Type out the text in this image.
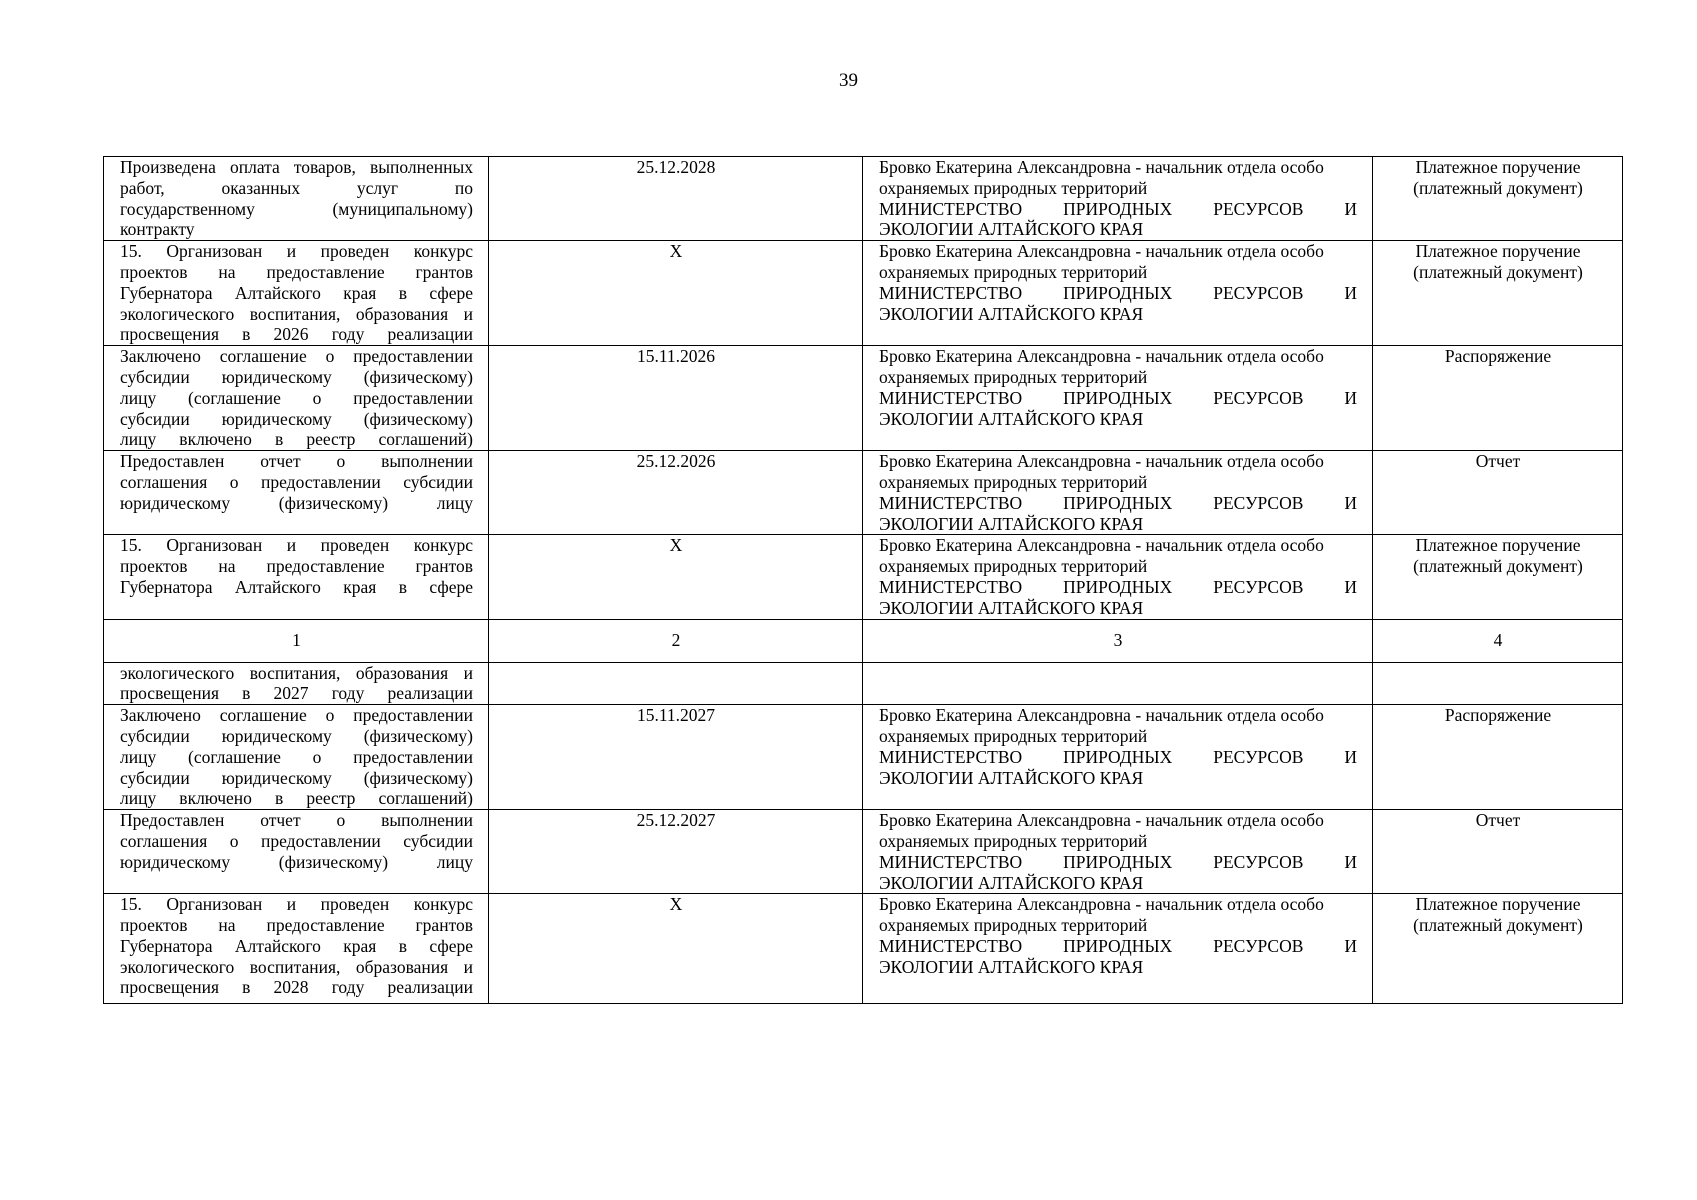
39
Произведена оплата товаров, выполненных
работ, оказанных услуг по
государственному (муниципальному)
контракту	25.12.2028	Бровко Екатерина Александровна - начальник отдела особо охраняемых природных территорий
МИНИСТЕРСТВО ПРИРОДНЫХ РЕСУРСОВ И
ЭКОЛОГИИ АЛТАЙСКОГО КРАЯ	Платежное поручение (платежный документ)

15. Организован и проведен конкурс
проектов на предоставление грантов
Губернатора Алтайского края в сфере
экологического воспитания, образования и
просвещения в 2026 году реализации	X	Бровко Екатерина Александровна - начальник отдела особо охраняемых природных территорий
МИНИСТЕРСТВО ПРИРОДНЫХ РЕСУРСОВ И
ЭКОЛОГИИ АЛТАЙСКОГО КРАЯ	Платежное поручение (платежный документ)

Заключено соглашение о предоставлении
субсидии юридическому (физическому)
лицу (соглашение о предоставлении
субсидии юридическому (физическому)
лицу включено в реестр соглашений)	15.11.2026	Бровко Екатерина Александровна - начальник отдела особо охраняемых природных территорий
МИНИСТЕРСТВО ПРИРОДНЫХ РЕСУРСОВ И
ЭКОЛОГИИ АЛТАЙСКОГО КРАЯ	Распоряжение

Предоставлен отчет о выполнении
соглашения о предоставлении субсидии
юридическому (физическому) лицу	25.12.2026	Бровко Екатерина Александровна - начальник отдела особо охраняемых природных территорий
МИНИСТЕРСТВО ПРИРОДНЫХ РЕСУРСОВ И
ЭКОЛОГИИ АЛТАЙСКОГО КРАЯ	Отчет

15. Организован и проведен конкурс
проектов на предоставление грантов
Губернатора Алтайского края в сфере	X	Бровко Екатерина Александровна - начальник отдела особо охраняемых природных территорий
МИНИСТЕРСТВО ПРИРОДНЫХ РЕСУРСОВ И
ЭКОЛОГИИ АЛТАЙСКОГО КРАЯ	Платежное поручение (платежный документ)
1	2	3	4

экологического воспитания, образования и
просвещения в 2027 году реализации			

Заключено соглашение о предоставлении
субсидии юридическому (физическому)
лицу (соглашение о предоставлении
субсидии юридическому (физическому)
лицу включено в реестр соглашений)	15.11.2027	Бровко Екатерина Александровна - начальник отдела особо охраняемых природных территорий
МИНИСТЕРСТВО ПРИРОДНЫХ РЕСУРСОВ И
ЭКОЛОГИИ АЛТАЙСКОГО КРАЯ	Распоряжение

Предоставлен отчет о выполнении
соглашения о предоставлении субсидии
юридическому (физическому) лицу	25.12.2027	Бровко Екатерина Александровна - начальник отдела особо охраняемых природных территорий
МИНИСТЕРСТВО ПРИРОДНЫХ РЕСУРСОВ И
ЭКОЛОГИИ АЛТАЙСКОГО КРАЯ	Отчет

15. Организован и проведен конкурс
проектов на предоставление грантов
Губернатора Алтайского края в сфере
экологического воспитания, образования и
просвещения в 2028 году реализации	X	Бровко Екатерина Александровна - начальник отдела особо охраняемых природных территорий
МИНИСТЕРСТВО ПРИРОДНЫХ РЕСУРСОВ И
ЭКОЛОГИИ АЛТАЙСКОГО КРАЯ	Платежное поручение (платежный документ)
